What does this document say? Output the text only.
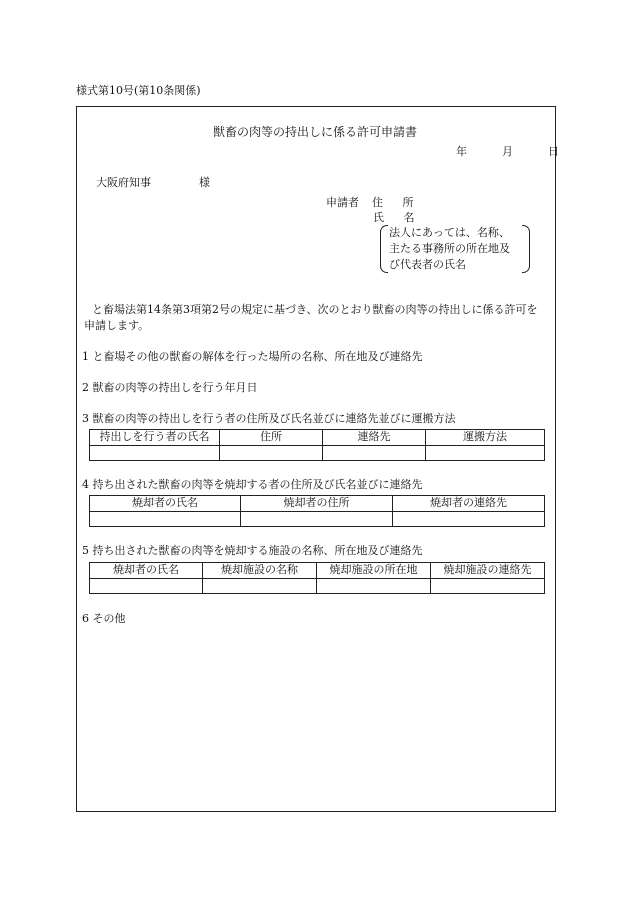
様式第10号(第10条関係)
獣畜の肉等の持出しに係る許可申請書
年	月	日
大阪府知事	様
申請者 住 所
氏 名
法人にあっては、名称、
主たる事務所の所在地及
び代表者の氏名
と畜場法第14条第3項第2号の規定に基づき、次のとおり獣畜の肉等の持出しに係る許可を申請します。
1 と畜場その他の獣畜の解体を行った場所の名称、所在地及び連絡先
2 獣畜の肉等の持出しを行う年月日
3 獣畜の肉等の持出しを行う者の住所及び氏名並びに連絡先並びに運搬方法
持出しを行う者の氏名	住所	連絡先	運搬方法

4 持ち出された獣畜の肉等を焼却する者の住所及び氏名並びに連絡先
焼却者の氏名	焼却者の住所	焼却者の連絡先

5 持ち出された獣畜の肉等を焼却する施設の名称、所在地及び連絡先
焼却者の氏名	焼却施設の名称	焼却施設の所在地	焼却施設の連絡先

6 その他
